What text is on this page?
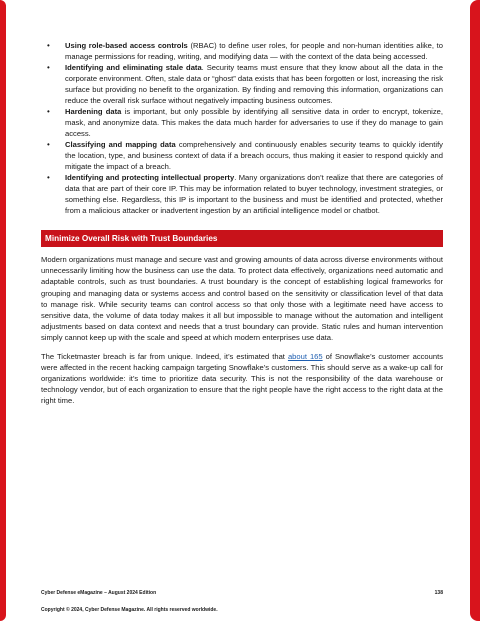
• Using role-based access controls (RBAC) to define user roles, for people and non-human identities alike, to manage permissions for reading, writing, and modifying data — with the context of the data being accessed.
• Identifying and eliminating stale data. Security teams must ensure that they know about all the data in the corporate environment. Often, stale data or “ghost” data exists that has been forgotten or lost, increasing the risk surface but providing no benefit to the organization. By finding and removing this information, organizations can reduce the overall risk surface without negatively impacting business outcomes.
• Hardening data is important, but only possible by identifying all sensitive data in order to encrypt, tokenize, mask, and anonymize data. This makes the data much harder for adversaries to use if they do manage to gain access.
• Classifying and mapping data comprehensively and continuously enables security teams to quickly identify the location, type, and business context of data if a breach occurs, thus making it easier to respond quickly and mitigate the impact of a breach.
• Identifying and protecting intellectual property. Many organizations don’t realize that there are categories of data that are part of their core IP. This may be information related to buyer technology, investment strategies, or something else. Regardless, this IP is important to the business and must be identified and protected, whether from a malicious attacker or inadvertent ingestion by an artificial intelligence model or chatbot.
Minimize Overall Risk with Trust Boundaries

Modern organizations must manage and secure vast and growing amounts of data across diverse environments without unnecessarily limiting how the business can use the data. To protect data effectively, organizations need automatic and adaptable controls, such as trust boundaries. A trust boundary is the concept of establishing logical frameworks for grouping and managing data or systems access and control based on the sensitivity or classification level of that data to manage risk. While security teams can control access so that only those with a legitimate need have access to sensitive data, the volume of data today makes it all but impossible to manage without the automation and intelligent adjustments based on data context and needs that a trust boundary can provide. Static rules and human intervention simply cannot keep up with the scale and speed at which modern enterprises use data.

The Ticketmaster breach is far from unique. Indeed, it’s estimated that about 165 of Snowflake’s customer accounts were affected in the recent hacking campaign targeting Snowflake’s customers. This should serve as a wake-up call for organizations worldwide: it’s time to prioritize data security. This is not the responsibility of the data warehouse or technology vendor, but of each organization to ensure that the right people have the right access to the right data at the right time.

Cyber Defense eMagazine – August 2024 Edition	138
Copyright © 2024, Cyber Defense Magazine. All rights reserved worldwide.
